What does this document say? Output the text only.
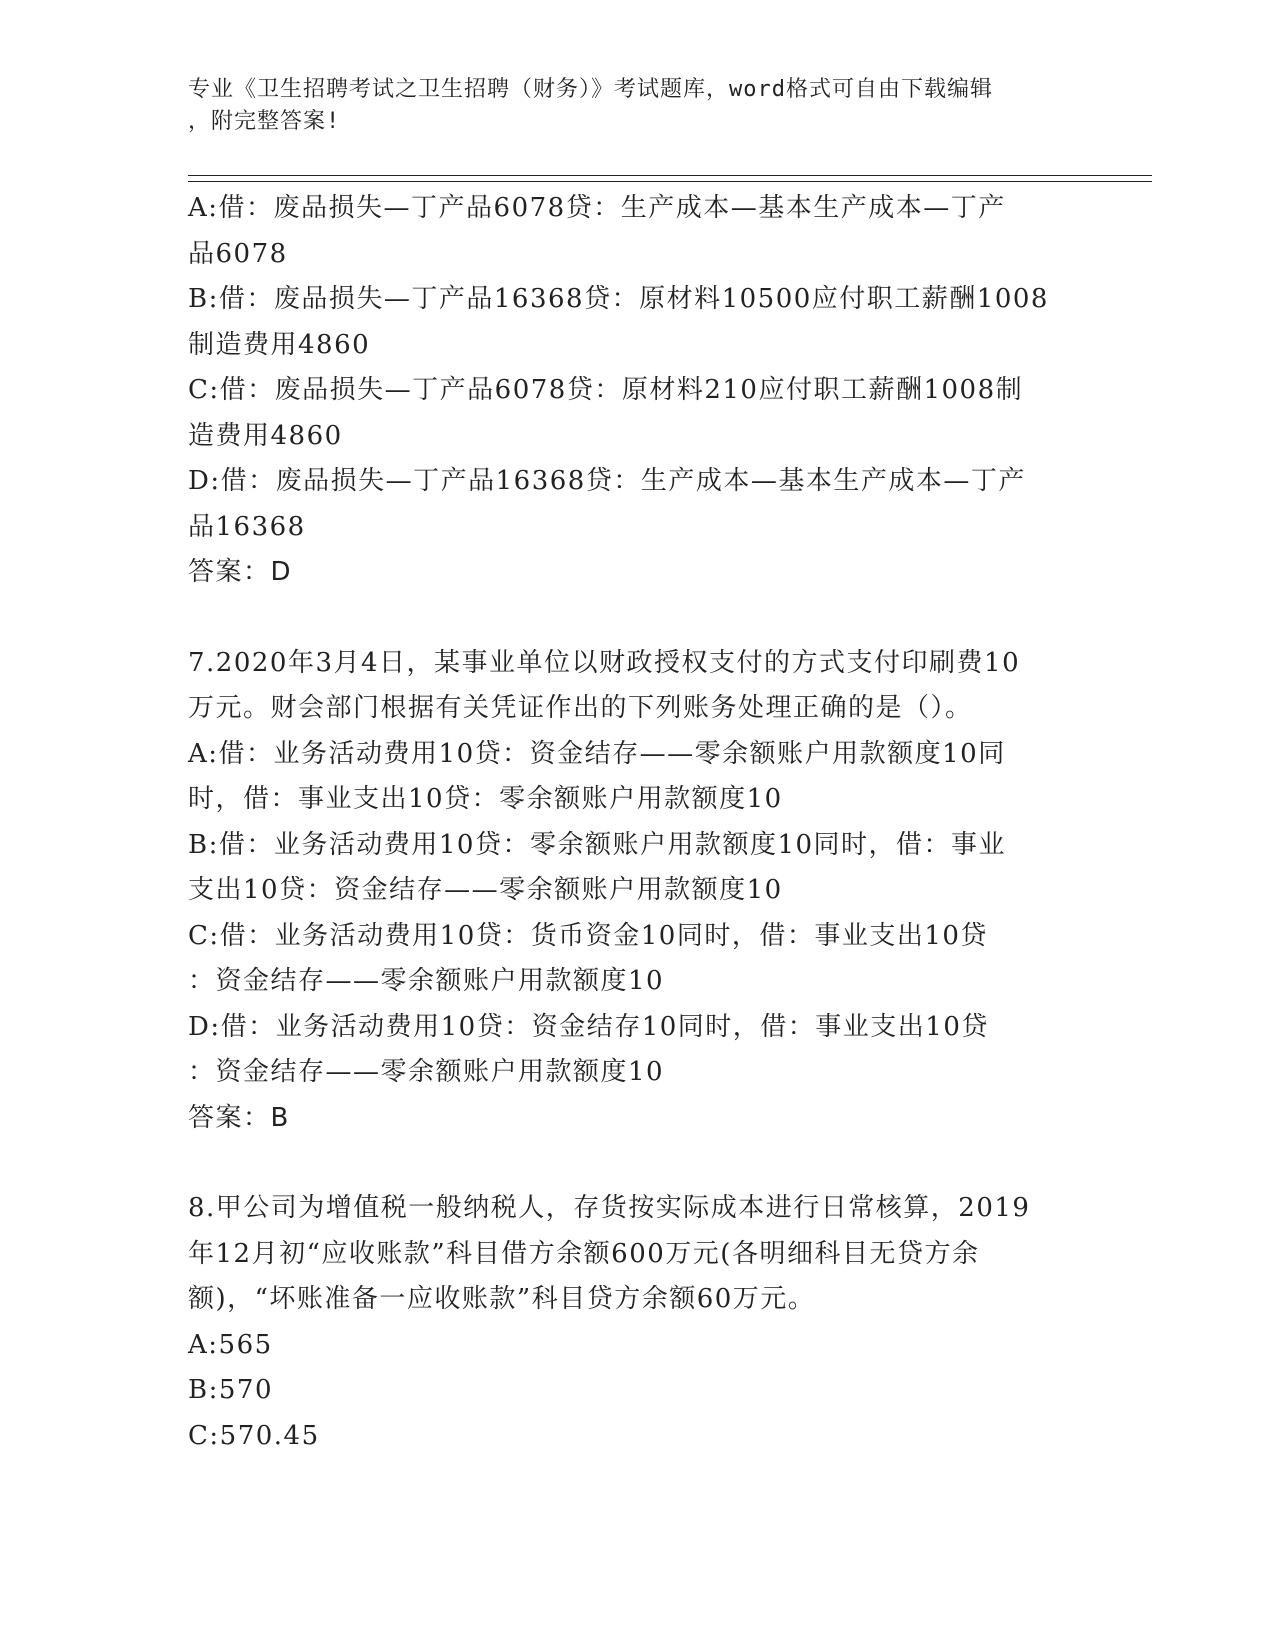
专业《卫生招聘考试之卫生招聘（财务）》考试题库，word格式可自由下载编辑
，附完整答案!
A:借：废品损失—丁产品6078贷：生产成本—基本生产成本—丁产
品6078
B:借：废品损失—丁产品16368贷：原材料10500应付职工薪酬1008
制造费用4860
C:借：废品损失—丁产品6078贷：原材料210应付职工薪酬1008制
造费用4860
D:借：废品损失—丁产品16368贷：生产成本—基本生产成本—丁产
品16368
答案：D
7.2020年3月4日，某事业单位以财政授权支付的方式支付印刷费10
万元。财会部门根据有关凭证作出的下列账务处理正确的是（）。
A:借：业务活动费用10贷：资金结存——零余额账户用款额度10同
时，借：事业支出10贷：零余额账户用款额度10
B:借：业务活动费用10贷：零余额账户用款额度10同时，借：事业
支出10贷：资金结存——零余额账户用款额度10
C:借：业务活动费用10贷：货币资金10同时，借：事业支出10贷
：资金结存——零余额账户用款额度10
D:借：业务活动费用10贷：资金结存10同时，借：事业支出10贷
：资金结存——零余额账户用款额度10
答案：B
8.甲公司为增值税一般纳税人，存货按实际成本进行日常核算，2019
年12月初“应收账款”科目借方余额600万元(各明细科目无贷方余
额)，“坏账准备一应收账款”科目贷方余额60万元。
A:565
B:570
C:570.45
